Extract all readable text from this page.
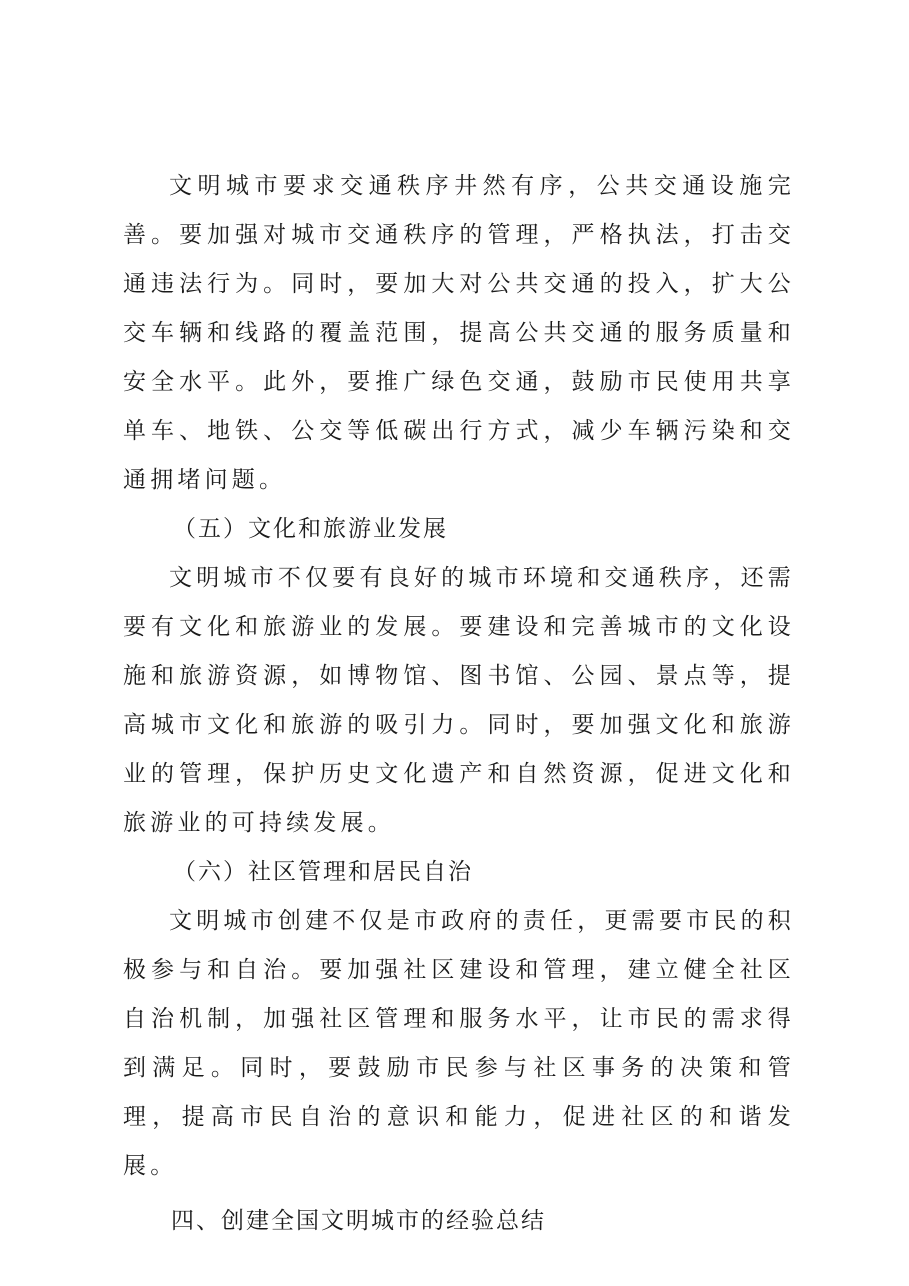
文明城市要求交通秩序井然有序，公共交通设施完善。要加强对城市交通秩序的管理，严格执法，打击交通违法行为。同时，要加大对公共交通的投入，扩大公交车辆和线路的覆盖范围，提高公共交通的服务质量和安全水平。此外，要推广绿色交通，鼓励市民使用共享单车、地铁、公交等低碳出行方式，减少车辆污染和交通拥堵问题。

（五）文化和旅游业发展

文明城市不仅要有良好的城市环境和交通秩序，还需要有文化和旅游业的发展。要建设和完善城市的文化设施和旅游资源，如博物馆、图书馆、公园、景点等，提高城市文化和旅游的吸引力。同时，要加强文化和旅游业的管理，保护历史文化遗产和自然资源，促进文化和旅游业的可持续发展。

（六）社区管理和居民自治

文明城市创建不仅是市政府的责任，更需要市民的积极参与和自治。要加强社区建设和管理，建立健全社区自治机制，加强社区管理和服务水平，让市民的需求得到满足。同时，要鼓励市民参与社区事务的决策和管理，提高市民自治的意识和能力，促进社区的和谐发展。

四、创建全国文明城市的经验总结
